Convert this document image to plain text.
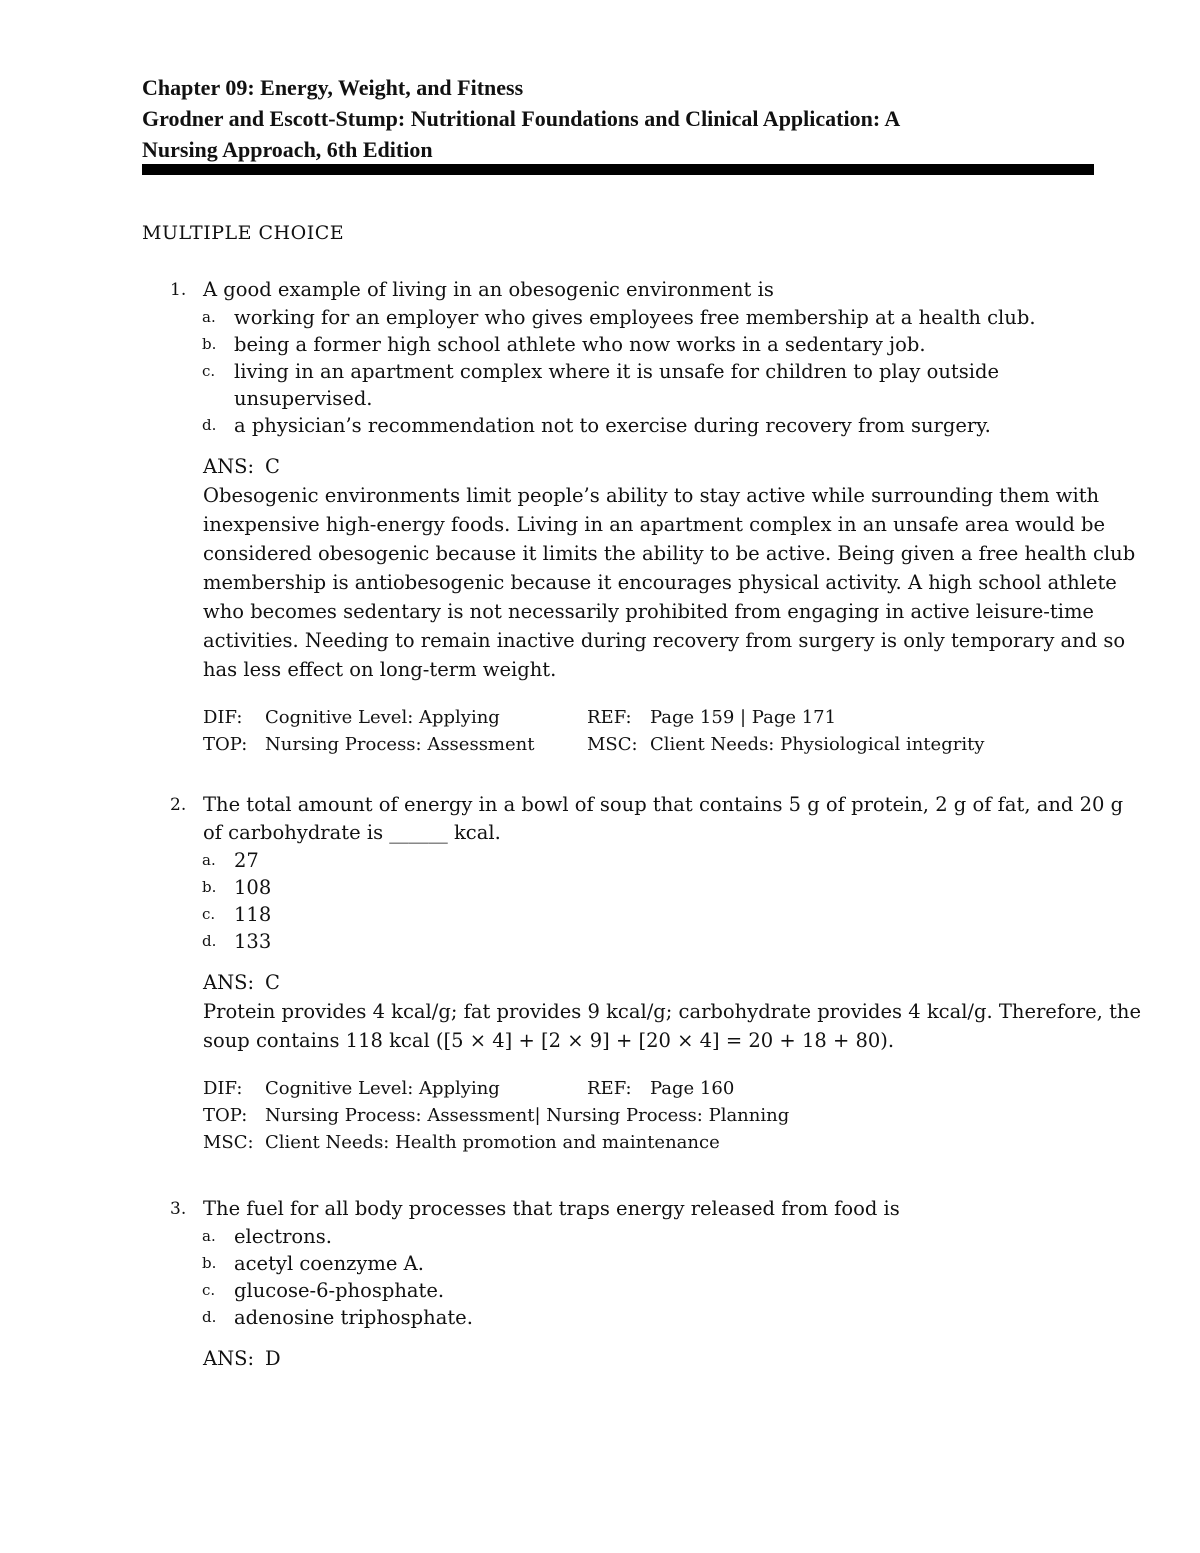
Chapter 09: Energy, Weight, and Fitness
Grodner and Escott-Stump: Nutritional Foundations and Clinical Application: A
Nursing Approach, 6th Edition
MULTIPLE CHOICE
1. A good example of living in an obesogenic environment is
a. working for an employer who gives employees free membership at a health club.
b. being a former high school athlete who now works in a sedentary job.
c. living in an apartment complex where it is unsafe for children to play outside
unsupervised.
d. a physician’s recommendation not to exercise during recovery from surgery.
ANS: C
Obesogenic environments limit people’s ability to stay active while surrounding them with
inexpensive high-energy foods. Living in an apartment complex in an unsafe area would be
considered obesogenic because it limits the ability to be active. Being given a free health club
membership is antiobesogenic because it encourages physical activity. A high school athlete
who becomes sedentary is not necessarily prohibited from engaging in active leisure-time
activities. Needing to remain inactive during recovery from surgery is only temporary and so
has less effect on long-term weight.
DIF: Cognitive Level: Applying	REF: Page 159 | Page 171
TOP: Nursing Process: Assessment	MSC: Client Needs: Physiological integrity
2. The total amount of energy in a bowl of soup that contains 5 g of protein, 2 g of fat, and 20 g
of carbohydrate is ______ kcal.
a. 27
b. 108
c. 118
d. 133
ANS: C
Protein provides 4 kcal/g; fat provides 9 kcal/g; carbohydrate provides 4 kcal/g. Therefore, the
soup contains 118 kcal ([5 × 4] + [2 × 9] + [20 × 4] = 20 + 18 + 80).
DIF: Cognitive Level: Applying	REF: Page 160
TOP: Nursing Process: Assessment| Nursing Process: Planning
MSC: Client Needs: Health promotion and maintenance
3. The fuel for all body processes that traps energy released from food is
a. electrons.
b. acetyl coenzyme A.
c. glucose-6-phosphate.
d. adenosine triphosphate.
ANS: D
